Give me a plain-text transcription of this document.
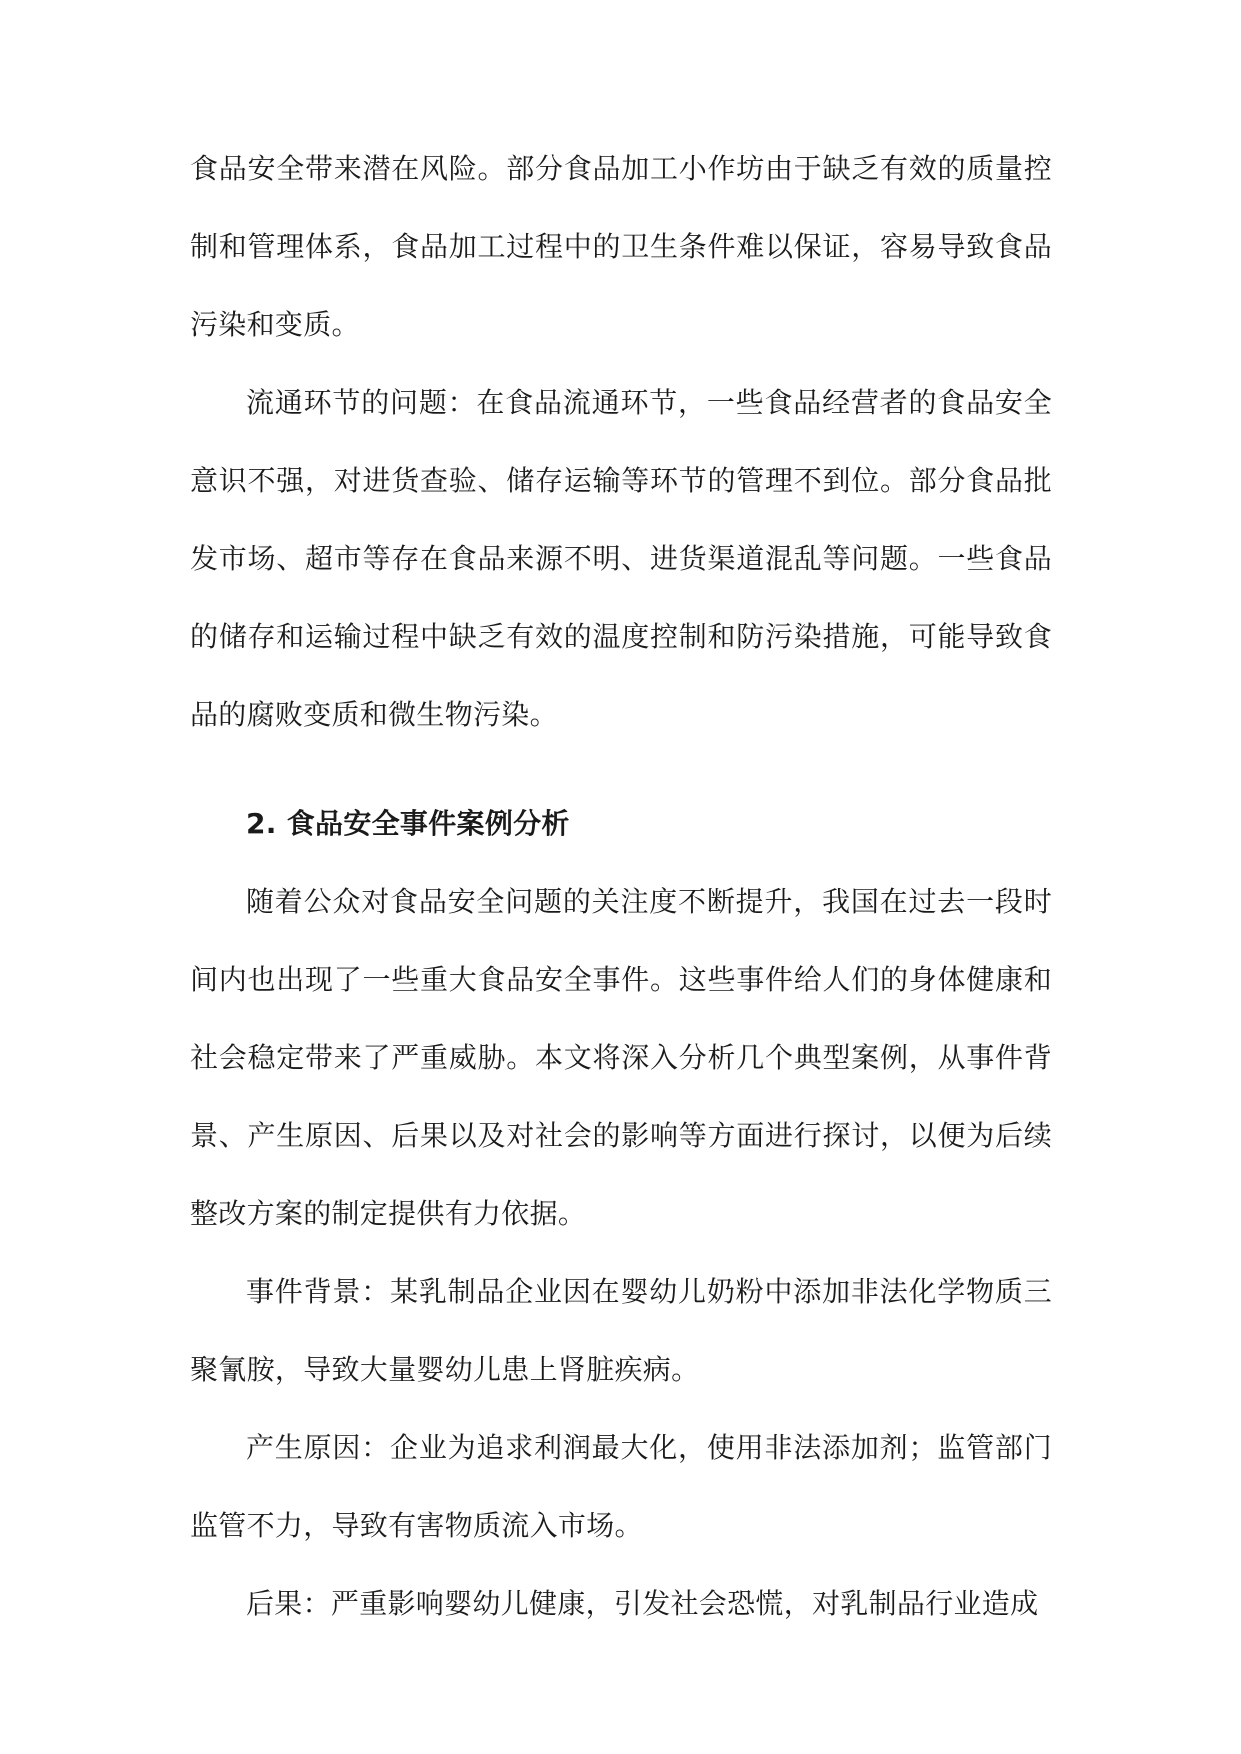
食品安全带来潜在风险。部分食品加工小作坊由于缺乏有效的质量控制和管理体系，食品加工过程中的卫生条件难以保证，容易导致食品污染和变质。

流通环节的问题：在食品流通环节，一些食品经营者的食品安全意识不强，对进货查验、储存运输等环节的管理不到位。部分食品批发市场、超市等存在食品来源不明、进货渠道混乱等问题。一些食品的储存和运输过程中缺乏有效的温度控制和防污染措施，可能导致食品的腐败变质和微生物污染。

2. 食品安全事件案例分析

随着公众对食品安全问题的关注度不断提升，我国在过去一段时间内也出现了一些重大食品安全事件。这些事件给人们的身体健康和社会稳定带来了严重威胁。本文将深入分析几个典型案例，从事件背景、产生原因、后果以及对社会的影响等方面进行探讨，以便为后续整改方案的制定提供有力依据。

事件背景：某乳制品企业因在婴幼儿奶粉中添加非法化学物质三聚氰胺，导致大量婴幼儿患上肾脏疾病。

产生原因：企业为追求利润最大化，使用非法添加剂；监管部门监管不力，导致有害物质流入市场。

后果：严重影响婴幼儿健康，引发社会恐慌，对乳制品行业造成
